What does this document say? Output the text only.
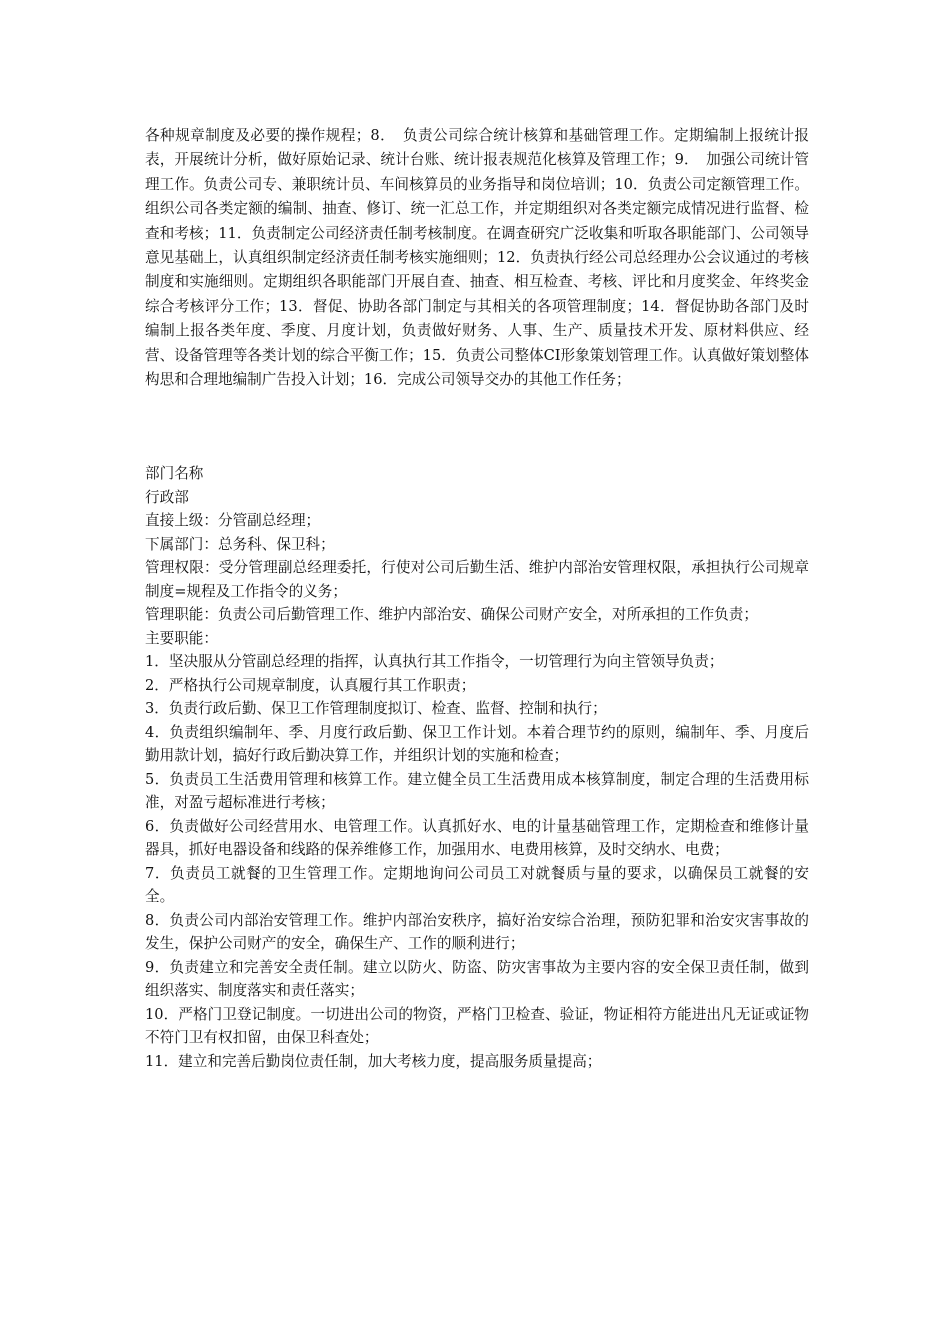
各种规章制度及必要的操作规程；8．　负责公司综合统计核算和基础管理工作。定期编制上报统计报表，开展统计分析，做好原始记录、统计台账、统计报表规范化核算及管理工作；9．　加强公司统计管理工作。负责公司专、兼职统计员、车间核算员的业务指导和岗位培训；10．负责公司定额管理工作。组织公司各类定额的编制、抽查、修订、统一汇总工作，并定期组织对各类定额完成情况进行监督、检查和考核；11．负责制定公司经济责任制考核制度。在调查研究广泛收集和听取各职能部门、公司领导意见基础上，认真组织制定经济责任制考核实施细则；12．负责执行经公司总经理办公会议通过的考核制度和实施细则。定期组织各职能部门开展自查、抽查、相互检查、考核、评比和月度奖金、年终奖金综合考核评分工作；13．督促、协助各部门制定与其相关的各项管理制度；14．督促协助各部门及时编制上报各类年度、季度、月度计划，负责做好财务、人事、生产、质量技术开发、原材料供应、经营、设备管理等各类计划的综合平衡工作；15．负责公司整体CI形象策划管理工作。认真做好策划整体构思和合理地编制广告投入计划；16．完成公司领导交办的其他工作任务；

部门名称

行政部

直接上级：分管副总经理；

下属部门：总务科、保卫科；

管理权限：受分管理副总经理委托，行使对公司后勤生活、维护内部治安管理权限，承担执行公司规章制度=规程及工作指令的义务；

管理职能：负责公司后勤管理工作、维护内部治安、确保公司财产安全，对所承担的工作负责；

主要职能：

1．坚决服从分管副总经理的指挥，认真执行其工作指令，一切管理行为向主管领导负责；

2．严格执行公司规章制度，认真履行其工作职责；

3．负责行政后勤、保卫工作管理制度拟订、检查、监督、控制和执行；

4．负责组织编制年、季、月度行政后勤、保卫工作计划。本着合理节约的原则，编制年、季、月度后勤用款计划，搞好行政后勤决算工作，并组织计划的实施和检查；

5．负责员工生活费用管理和核算工作。建立健全员工生活费用成本核算制度，制定合理的生活费用标准，对盈亏超标准进行考核；

6．负责做好公司经营用水、电管理工作。认真抓好水、电的计量基础管理工作，定期检查和维修计量器具，抓好电器设备和线路的保养维修工作，加强用水、电费用核算，及时交纳水、电费；

7．负责员工就餐的卫生管理工作。定期地询问公司员工对就餐质与量的要求，以确保员工就餐的安全。

8．负责公司内部治安管理工作。维护内部治安秩序，搞好治安综合治理，预防犯罪和治安灾害事故的发生，保护公司财产的安全，确保生产、工作的顺利进行；

9．负责建立和完善安全责任制。建立以防火、防盗、防灾害事故为主要内容的安全保卫责任制，做到组织落实、制度落实和责任落实；

10．严格门卫登记制度。一切进出公司的物资，严格门卫检查、验证，物证相符方能进出凡无证或证物不符门卫有权扣留，由保卫科查处；

11．建立和完善后勤岗位责任制，加大考核力度，提高服务质量提高；
